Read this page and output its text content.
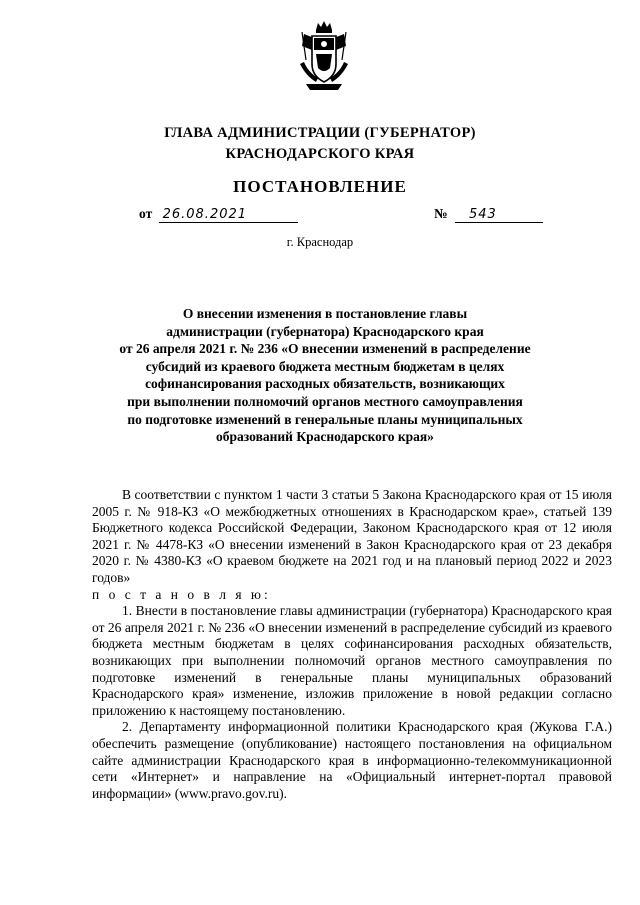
ГЛАВА АДМИНИСТРАЦИИ (ГУБЕРНАТОР)
КРАСНОДАРСКОГО КРАЯ
ПОСТАНОВЛЕНИЕ
от 26.08.2021	№ 543
г. Краснодар

О внесении изменения в постановление главы

администрации (губернатора) Краснодарского края

от 26 апреля 2021 г. № 236 «О внесении изменений в распределение

субсидий из краевого бюджета местным бюджетам в целях

софинансирования расходных обязательств, возникающих

при выполнении полномочий органов местного самоуправления

по подготовке изменений в генеральные планы муниципальных

образований Краснодарского края»

В соответствии с пунктом 1 части 3 статьи 5 Закона Краснодарского края от 15 июля 2005 г. № 918-КЗ «О межбюджетных отношениях в Краснодарском крае», статьей 139 Бюджетного кодекса Российской Федерации, Законом Краснодарского края от 12 июля 2021 г. № 4478-КЗ «О внесении изменений в Закон Краснодарского края от 23 декабря 2020 г. № 4380-КЗ «О краевом бюджете на 2021 год и на плановый период 2022 и 2023 годов»

п о с т а н о в л я ю:

1. Внести в постановление главы администрации (губернатора) Краснодарского края от 26 апреля 2021 г. № 236 «О внесении изменений в распределение субсидий из краевого бюджета местным бюджетам в целях софинансирования расходных обязательств, возникающих при выполнении полномочий органов местного самоуправления по подготовке изменений в генеральные планы муниципальных образований Краснодарского края» изменение, изложив приложение в новой редакции согласно приложению к настоящему постановлению.

2. Департаменту информационной политики Краснодарского края (Жукова Г.А.) обеспечить размещение (опубликование) настоящего постановления на официальном сайте администрации Краснодарского края в информационно-телекоммуникационной сети «Интернет» и направление на «Официальный интернет-портал правовой информации» (www.pravo.gov.ru).
